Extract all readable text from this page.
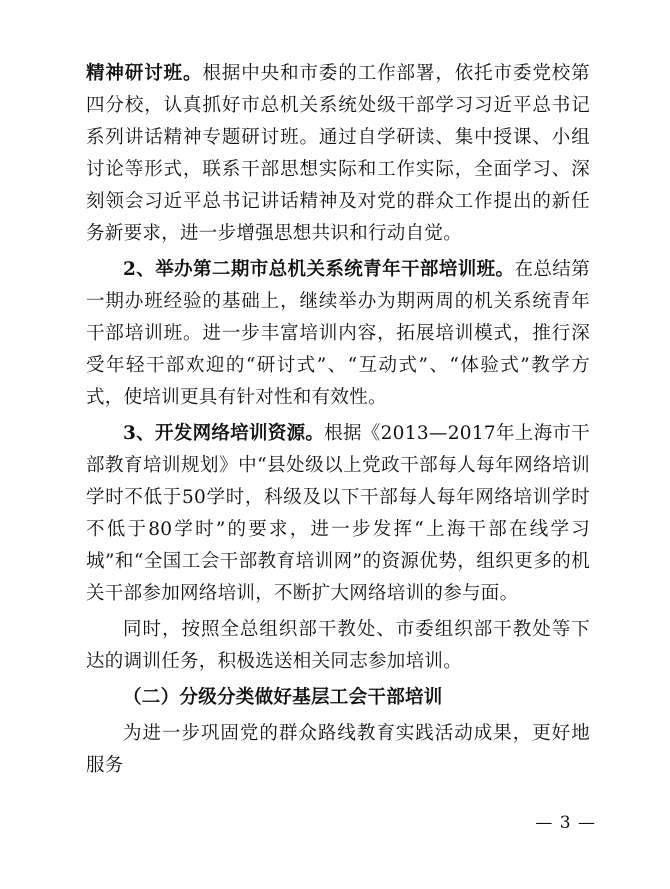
精神研讨班。根据中央和市委的工作部署，依托市委党校第四分校，认真抓好市总机关系统处级干部学习习近平总书记系列讲话精神专题研讨班。通过自学研读、集中授课、小组讨论等形式，联系干部思想实际和工作实际，全面学习、深刻领会习近平总书记讲话精神及对党的群众工作提出的新任务新要求，进一步增强思想共识和行动自觉。

2、举办第二期市总机关系统青年干部培训班。在总结第一期办班经验的基础上，继续举办为期两周的机关系统青年干部培训班。进一步丰富培训内容，拓展培训模式，推行深受年轻干部欢迎的“研讨式”、“互动式”、“体验式”教学方式，使培训更具有针对性和有效性。

3、开发网络培训资源。根据《2013—2017年上海市干部教育培训规划》中“县处级以上党政干部每人每年网络培训学时不低于50学时，科级及以下干部每人每年网络培训学时不低于80学时”的要求，进一步发挥“上海干部在线学习城”和“全国工会干部教育培训网”的资源优势，组织更多的机关干部参加网络培训，不断扩大网络培训的参与面。

同时，按照全总组织部干教处、市委组织部干教处等下达的调训任务，积极选送相关同志参加培训。

（二）分级分类做好基层工会干部培训

为进一步巩固党的群众路线教育实践活动成果，更好地服务

— 3 —
